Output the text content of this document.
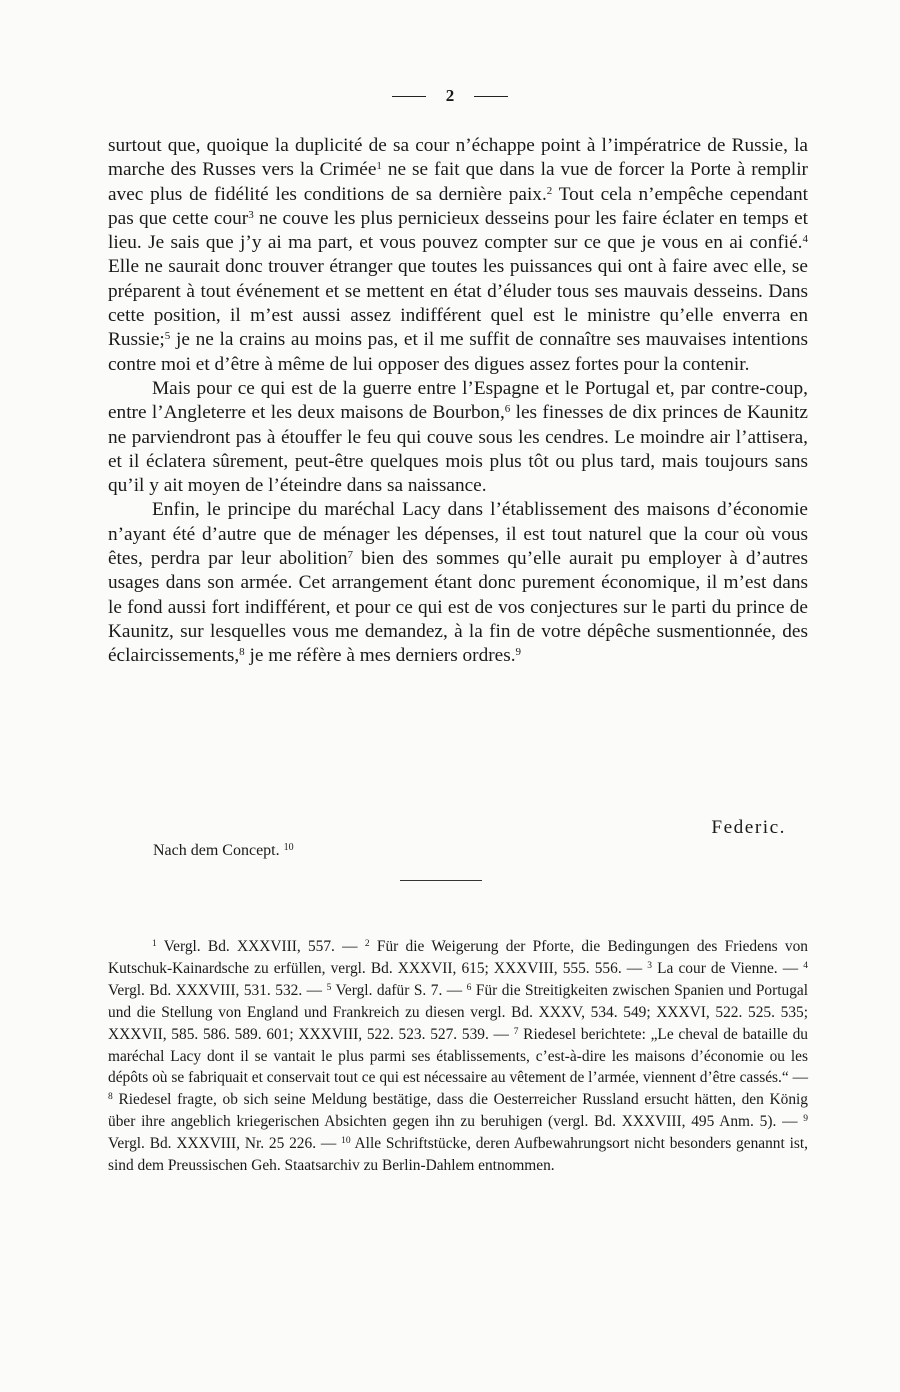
2

surtout que, quoique la duplicité de sa cour n’échappe point à l’impératrice de Russie, la marche des Russes vers la Crimée$^1$ ne se fait que dans la vue de forcer la Porte à remplir avec plus de fidélité les conditions de sa dernière paix.$^2$ Tout cela n’empêche cependant pas que cette cour$^3$ ne couve les plus pernicieux desseins pour les faire éclater en temps et lieu. Je sais que j’y ai ma part, et vous pouvez compter sur ce que je vous en ai confié.$^4$ Elle ne saurait donc trouver étranger que toutes les puissances qui ont à faire avec elle, se préparent à tout événement et se mettent en état d’éluder tous ses mauvais desseins. Dans cette position, il m’est aussi assez indifférent quel est le ministre qu’elle enverra en Russie;$^5$ je ne la crains au moins pas, et il me suffit de connaître ses mauvaises intentions contre moi et d’être à même de lui opposer des digues assez fortes pour la contenir.

Mais pour ce qui est de la guerre entre l’Espagne et le Portugal et, par contre-coup, entre l’Angleterre et les deux maisons de Bourbon,$^6$ les finesses de dix princes de Kaunitz ne parviendront pas à étouffer le feu qui couve sous les cendres. Le moindre air l’attisera, et il éclatera sûrement, peut-être quelques mois plus tôt ou plus tard, mais toujours sans qu’il y ait moyen de l’éteindre dans sa naissance.

Enfin, le principe du maréchal Lacy dans l’établissement des maisons d’économie n’ayant été d’autre que de ménager les dépenses, il est tout naturel que la cour où vous êtes, perdra par leur abolition$^7$ bien des sommes qu’elle aurait pu employer à d’autres usages dans son armée. Cet arrangement étant donc purement économique, il m’est dans le fond aussi fort indifférent, et pour ce qui est de vos conjectures sur le parti du prince de Kaunitz, sur lesquelles vous me demandez, à la fin de votre dépêche susmentionnée, des éclaircissements,$^8$ je me réfère à mes derniers ordres.$^9$

Federic.
Nach dem Concept. $^{10}$

$^1$ Vergl. Bd. XXXVIII, 557. — $^2$ Für die Weigerung der Pforte, die Bedingungen des Friedens von Kutschuk-Kainardsche zu erfüllen, vergl. Bd. XXXVII, 615; XXXVIII, 555. 556. — $^3$ La cour de Vienne. — $^4$ Vergl. Bd. XXXVIII, 531. 532. — $^5$ Vergl. dafür S. 7. — $^6$ Für die Streitigkeiten zwischen Spanien und Portugal und die Stellung von England und Frankreich zu diesen vergl. Bd. XXXV, 534. 549; XXXVI, 522. 525. 535; XXXVII, 585. 586. 589. 601; XXXVIII, 522. 523. 527. 539. — $^7$ Riedesel berichtete: „Le cheval de bataille du maréchal Lacy dont il se vantait le plus parmi ses établissements, c’est-à-dire les maisons d’économie ou les dépôts où se fabriquait et conservait tout ce qui est nécessaire au vêtement de l’armée, viennent d’être cassés.“ — $^8$ Riedesel fragte, ob sich seine Meldung bestätige, dass die Oesterreicher Russland ersucht hätten, den König über ihre angeblich kriegerischen Absichten gegen ihn zu beruhigen (vergl. Bd. XXXVIII, 495 Anm. 5). — $^9$ Vergl. Bd. XXXVIII, Nr. 25 226. — $^{10}$ Alle Schriftstücke, deren Aufbewahrungsort nicht besonders genannt ist, sind dem Preussischen Geh. Staatsarchiv zu Berlin-Dahlem entnommen.
